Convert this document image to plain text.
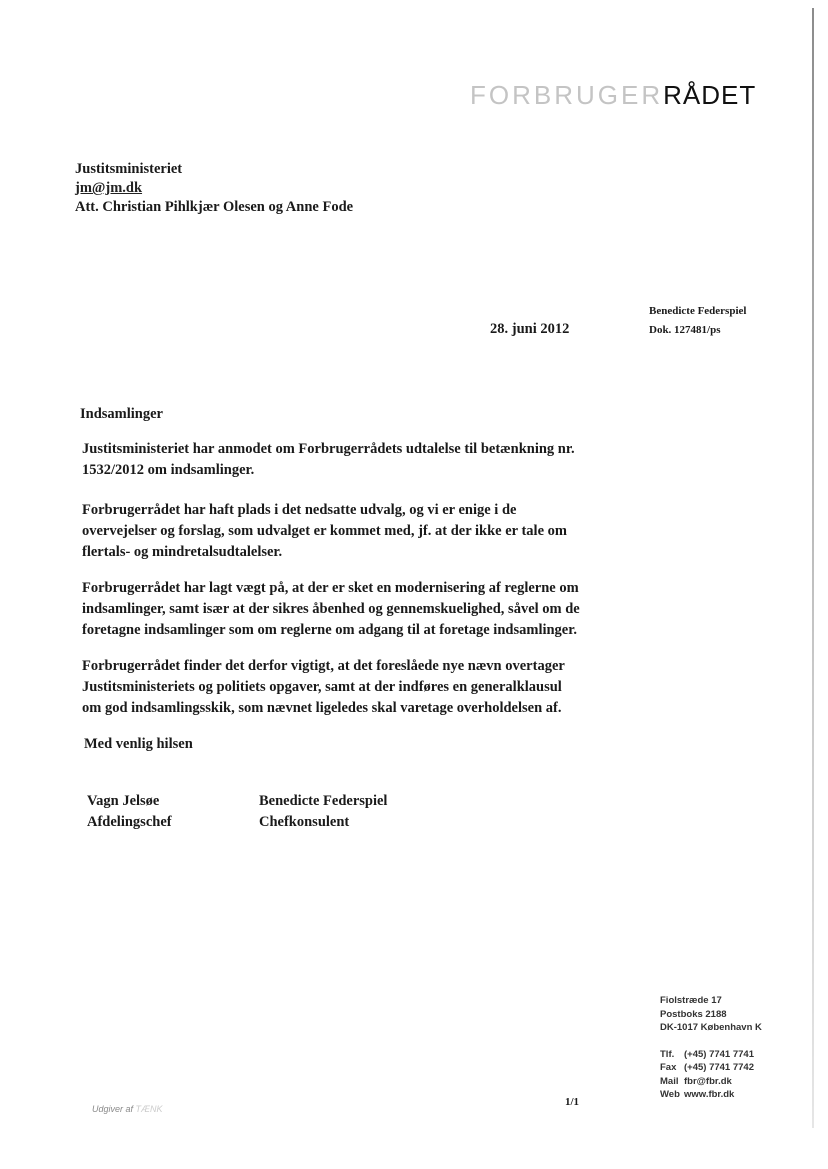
FORBRUGERRÅDET
Justitsministeriet
jm@jm.dk
Att. Christian Pihlkjær Olesen og Anne Fode
Benedicte Federspiel
Dok. 127481/ps
28. juni 2012
Indsamlinger
Justitsministeriet har anmodet om Forbrugerrådets udtalelse til betænkning nr. 1532/2012 om indsamlinger.
Forbrugerrådet har haft plads i det nedsatte udvalg, og vi er enige i de overvejelser og forslag, som udvalget er kommet med, jf. at der ikke er tale om flertals- og mindretalsudtalelser.
Forbrugerrådet har lagt vægt på, at der er sket en modernisering af reglerne om indsamlinger, samt især at der sikres åbenhed og gennemskuelighed, såvel om de foretagne indsamlinger som om reglerne om adgang til at foretage indsamlinger.
Forbrugerrådet finder det derfor vigtigt, at det foreslåede nye nævn overtager Justitsministeriets og politiets opgaver, samt at der indføres en generalklausul om god indsamlingsskik, som nævnet ligeledes skal varetage overholdelsen af.
Med venlig hilsen
Vagn Jelsøe
Afdelingschef
Benedicte Federspiel
Chefkonsulent
Fiolstræde 17
Postboks 2188
DK-1017 København K
Tlf. (+45) 7741 7741
Fax (+45) 7741 7742
Mail fbr@fbr.dk
Web www.fbr.dk
1/1
Udgiver af TÆNK
